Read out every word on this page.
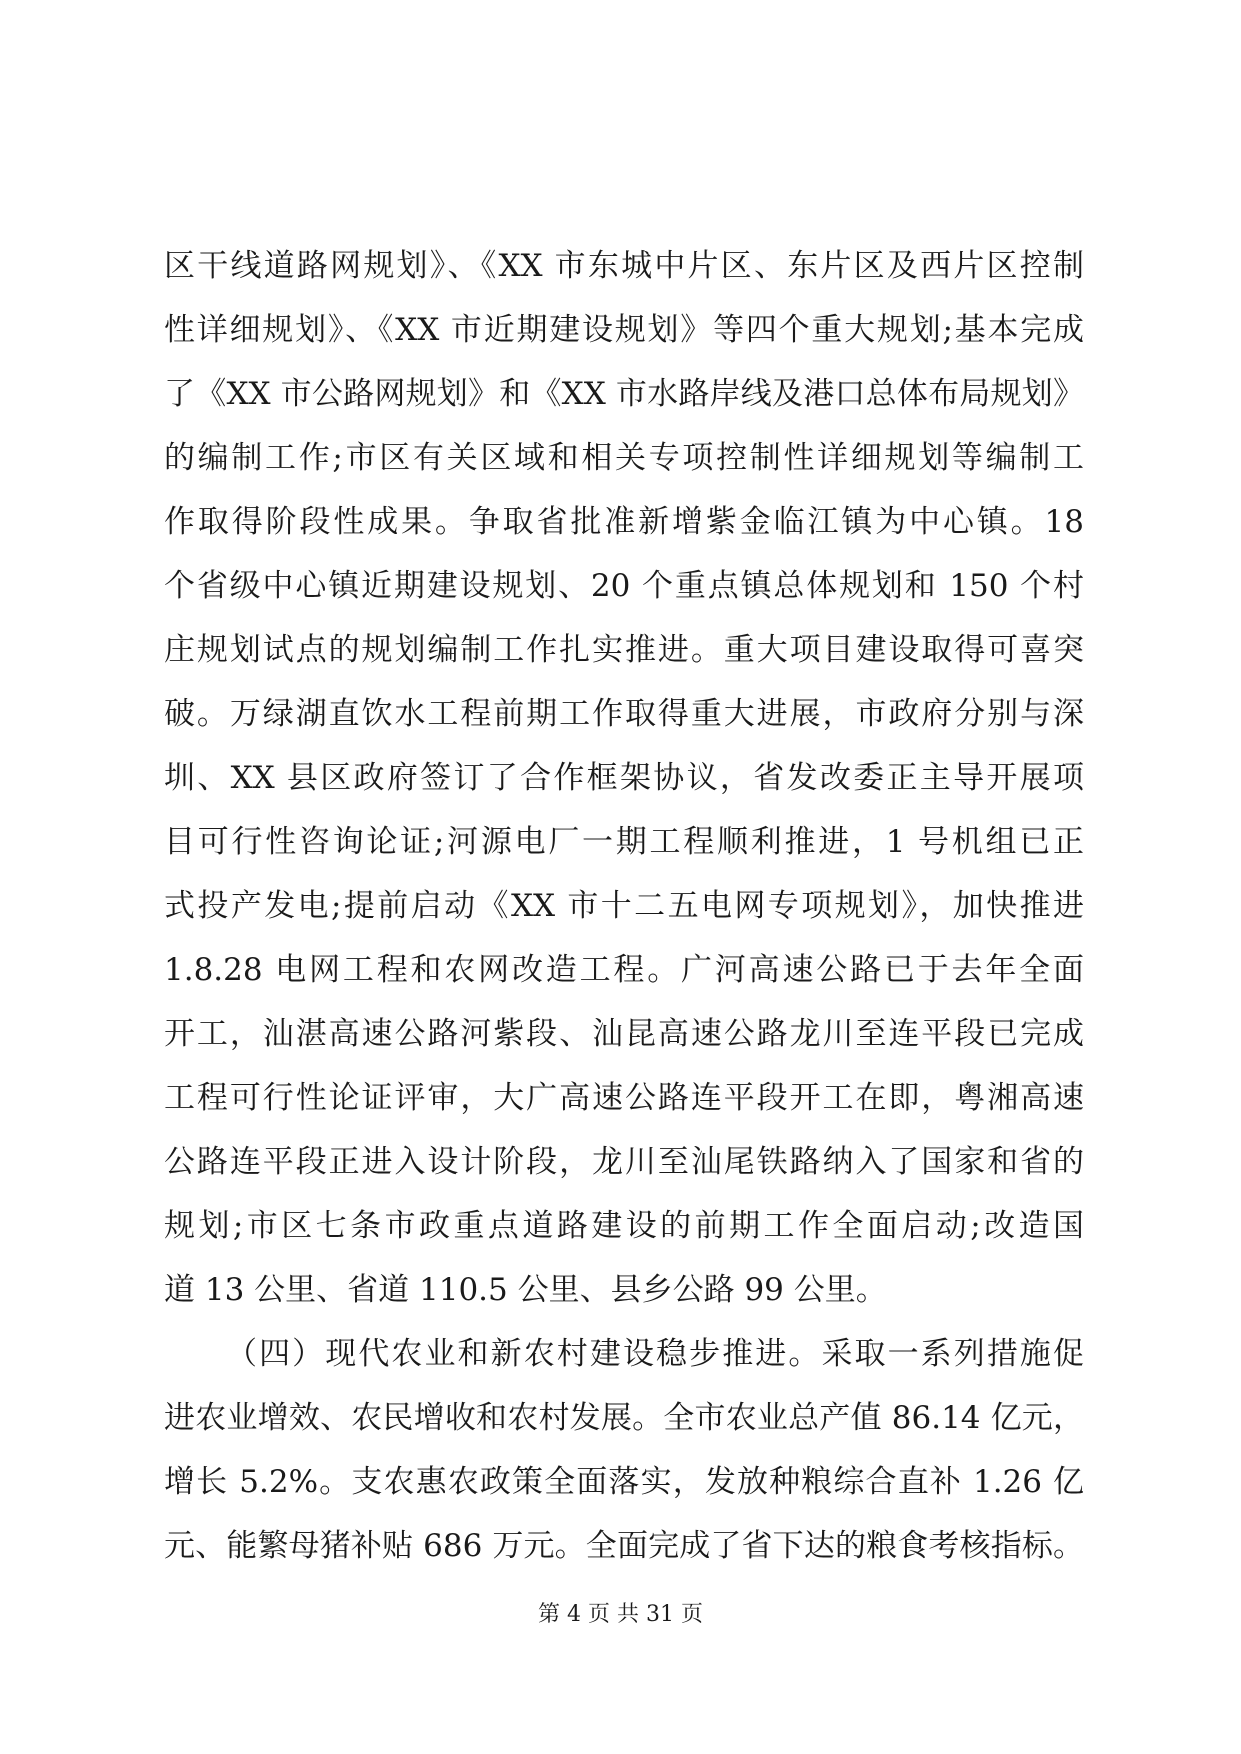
区干线道路网规划》、《XX 市东城中片区、东片区及西片区控制
性详细规划》、《XX 市近期建设规划》等四个重大规划;基本完成
了《XX 市公路网规划》和《XX 市水路岸线及港口总体布局规划》
的编制工作;市区有关区域和相关专项控制性详细规划等编制工
作取得阶段性成果。争取省批准新增紫金临江镇为中心镇。18
个省级中心镇近期建设规划、20 个重点镇总体规划和 150 个村
庄规划试点的规划编制工作扎实推进。重大项目建设取得可喜突
破。万绿湖直饮水工程前期工作取得重大进展，市政府分别与深
圳、XX 县区政府签订了合作框架协议，省发改委正主导开展项
目可行性咨询论证;河源电厂一期工程顺利推进，1 号机组已正
式投产发电;提前启动《XX 市十二五电网专项规划》，加快推进
1.8.28 电网工程和农网改造工程。广河高速公路已于去年全面
开工，汕湛高速公路河紫段、汕昆高速公路龙川至连平段已完成
工程可行性论证评审，大广高速公路连平段开工在即，粤湘高速
公路连平段正进入设计阶段，龙川至汕尾铁路纳入了国家和省的
规划;市区七条市政重点道路建设的前期工作全面启动;改造国
道 13 公里、省道 110.5 公里、县乡公路 99 公里。
（四）现代农业和新农村建设稳步推进。采取一系列措施促
进农业增效、农民增收和农村发展。全市农业总产值 86.14 亿元，
增长 5.2%。支农惠农政策全面落实，发放种粮综合直补 1.26 亿
元、能繁母猪补贴 686 万元。全面完成了省下达的粮食考核指标。
第 4 页 共 31 页
